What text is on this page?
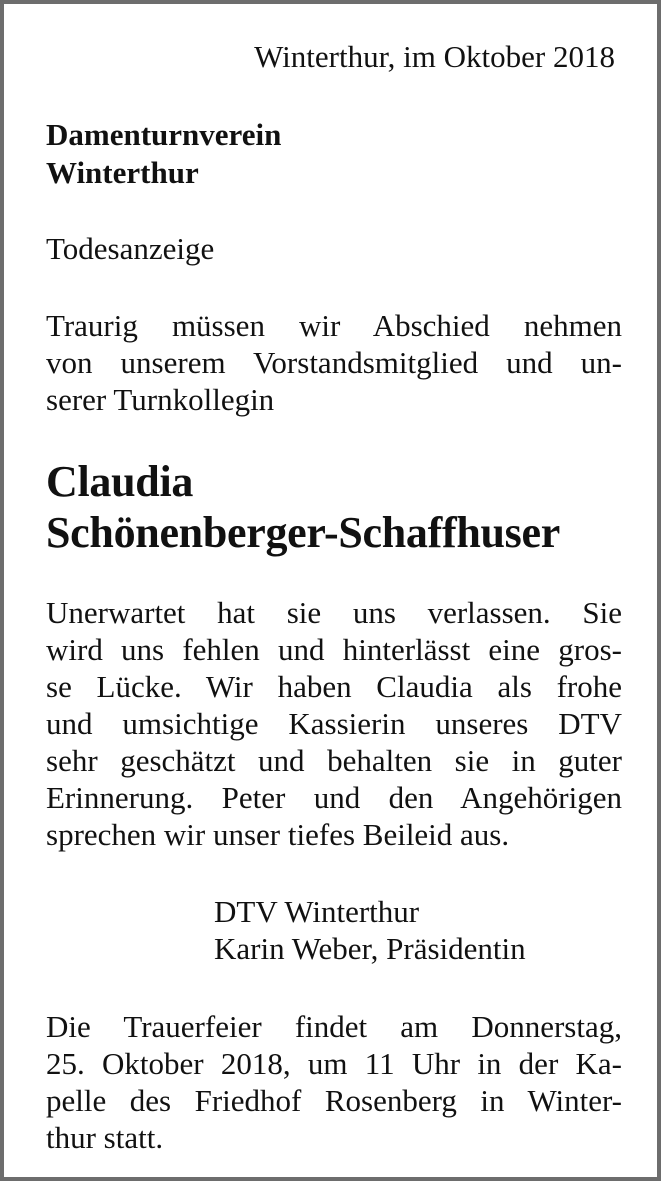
Winterthur, im Oktober 2018

Damenturnverein

Winterthur

Todesanzeige

Traurig müssen wir Abschied nehmen

von unserem Vorstandsmitglied und un-

serer Turnkollegin

Claudia

Schönenberger-Schaffhuser

Unerwartet hat sie uns verlassen. Sie

wird uns fehlen und hinterlässt eine gros-

se Lücke. Wir haben Claudia als frohe

und umsichtige Kassierin unseres DTV

sehr geschätzt und behalten sie in guter

Erinnerung. Peter und den Angehörigen

sprechen wir unser tiefes Beileid aus.

DTV Winterthur

Karin Weber, Präsidentin

Die Trauerfeier findet am Donnerstag,

25. Oktober 2018, um 11 Uhr in der Ka-

pelle des Friedhof Rosenberg in Winter-

thur statt.
